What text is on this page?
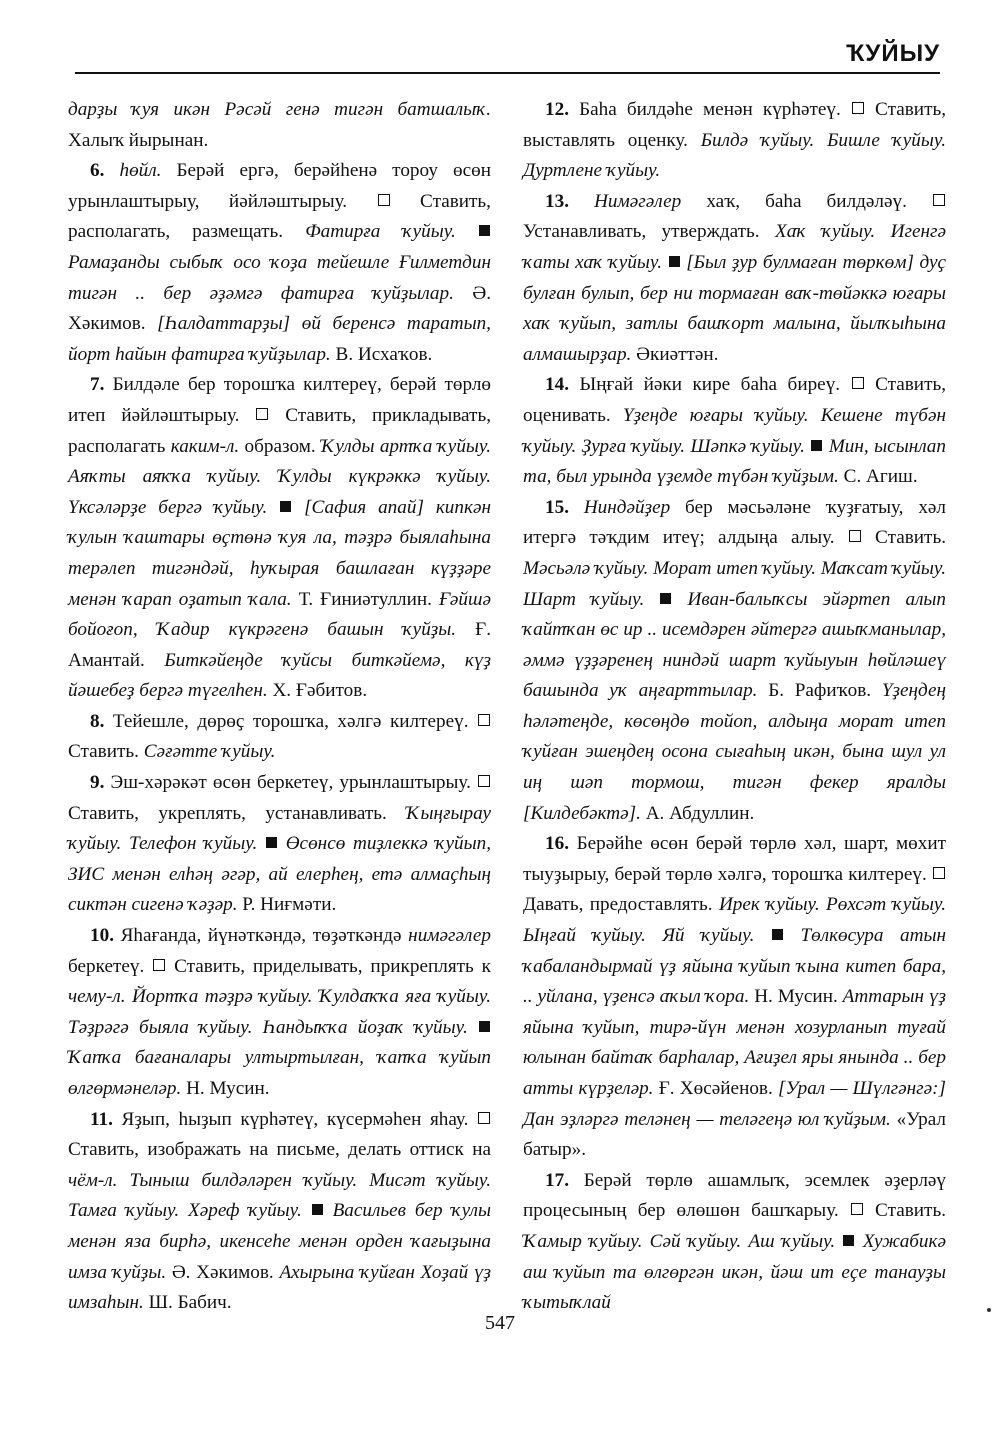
ҠУЙЫУ

дарҙы ҡуя икән Рәсәй генә тигән батшалыҡ. Халыҡ йырынан.

6. һөйл. Берәй ергә, берәйһенә тороу өсөн урынлаштырыу, йәйләштырыу.  Ставить, располагать, размещать. Фатирға ҡуйыу.  Рамаҙанды сыбыҡ осо ҡоҙа тейешле Ғилметдин тигән .. бер әҙәмгә фатирға ҡуйҙылар. Ә. Хәкимов. [Һалдаттарҙы] өй беренсә таратып, йорт һайын фатирға ҡуйҙылар. В. Исхаҡов.

7. Билдәле бер торошҡа килтереү, берәй төрлө итеп йәйләштырыу.  Ставить, прикладывать, располагать каким-л. образом. Ҡулды артҡа ҡуйыу. Аяҡты аяҡҡа ҡуйыу. Ҡулды күкрәккә ҡуйыу. Үксәләрҙе бергә ҡуйыу. [Сафия апай] кипкән ҡулын ҡаштары өҫтөнә ҡуя ла, тәҙрә быялаһына терәлеп тигәндәй, һуҡырая башлаған күҙҙәре менән ҡарап оҙатып ҡала. Т. Ғиниәтуллин. Ғәйшә бойоғоп, Ҡадир күкрәгенә башын ҡуйҙы. Ғ. Амантай. Биткәйеңде ҡуйсы биткәйемә, күҙ йәшебеҙ бергә түгелһен. Х. Ғәбитов.

8. Тейешле, дөрөҫ торошҡа, хәлгә килтереү.  Ставить. Сәғәтте ҡуйыу.

9. Эш-хәрәкәт өсөн беркетеү, урынлаштырыу.  Ставить, укреплять, устанавливать. Ҡыңғырау ҡуйыу. Телефон ҡуйыу. Өсөнсө тиҙлеккә ҡуйып, ЗИС менән елһәң әгәр, ай елерһең, етә алмаҫһың сиктән сигенә ҡәҙәр. Р. Ниғмәти.

10. Яһағанда, йүнәткәндә, төҙәткәндә нимәгәлер беркетеү.  Ставить, приделывать, прикреплять к чему-л. Йортҡа тәҙрә ҡуйыу. Ҡулдаҡҡа яға ҡуйыу. Тәҙрәгә быяла ҡуйыу. Һандыҡҡа йоҙаҡ ҡуйыу.  Ҡапҡа бағаналары ултыртылған, ҡапҡа ҡуйып өлгөрмәнеләр. Н. Мусин.

11. Яҙып, һыҙып күрһәтеү, күсермәһен яһау.  Ставить, изображать на письме, делать оттиск на чём-л. Тыныш билдәләрен ҡуйыу. Мисәт ҡуйыу. Тамға ҡуйыу. Хәреф ҡуйыу. Васильев бер ҡулы менән яза бирһә, икенсеһе менән орден ҡағыҙына имза ҡуйҙы. Ә. Хәкимов. Ахырына ҡуйған Хоҙай үҙ имзаһын. Ш. Бабич.

12. Баһа билдәһе менән күрһәтеү.  Ставить, выставлять оценку. Билдә ҡуйыу. Бишле ҡуйыу. Дуртлене ҡуйыу.

13. Нимәгәлер хаҡ, баһа билдәләү.  Устанавливать, утверждать. Хаҡ ҡуйыу. Игенгә ҡаты хаҡ ҡуйыу. [Был ҙур булмаған төркөм] дуҫ булған булып, бер ни тормаған ваҡ-төйәккә юғары хаҡ ҡуйып, затлы башҡорт малына, йылҡыһына алмашырҙар. Әкиәттән.

14. Ыңғай йәки кире баһа биреү.  Ставить, оценивать. Үҙеңде юғары ҡуйыу. Кешене түбән ҡуйыу. Ҙурға ҡуйыу. Шәпкә ҡуйыу. Мин, ысынлап та, был урында үҙемде түбән ҡуйҙым. С. Агиш.

15. Ниндәйҙер бер мәсьәләне ҡуҙғатыу, хәл итергә тәҡдим итеү; алдыңа алыу.  Ставить. Мәсьәлә ҡуйыу. Морат итеп ҡуйыу. Маҡсат ҡуйыу. Шарт ҡуйыу. Иван-балыҡсы эйәртеп алып ҡайтҡан өс ир .. исемдәрен әйтергә ашыҡманылар, әммә үҙҙәренең ниндәй шарт ҡуйыуын һөйләшеү башында уҡ аңғарттылар. Б. Рафиҡов. Үҙеңдең һәләтеңде, көсөңдө тойоп, алдыңа морат итеп ҡуйған эшеңдең осона сығаһың икән, бына шул ул иң шәп тормош, тигән фекер яралды [Килдебәктә]. А. Абдуллин.

16. Берәйһе өсөн берәй төрлө хәл, шарт, мөхит тыуҙырыу, берәй төрлө хәлгә, торошҡа килтереү.  Давать, предоставлять. Ирек ҡуйыу. Рөхсәт ҡуйыу. Ыңғай ҡуйыу. Яй ҡуйыу. Төлкөсура атын ҡабаландырмай үҙ яйына ҡуйып ҡына китеп бара, .. уйлана, үҙенсә аҡыл ҡора. Н. Мусин. Аттарын үҙ яйына ҡуйып, тирә-йүн менән хозурланып туғай юлынан байтаҡ барһалар, Ағиҙел яры янында .. бер атты күрҙеләр. Ғ. Хөсәйенов. [Урал — Шүлгәнгә:] Дан эҙләргә теләнең — теләгеңә юл ҡуйҙым. «Урал батыр».

17. Берәй төрлө ашамлыҡ, эсемлек әҙерләү процесының бер өлөшөн башҡарыу.  Ставить. Ҡамыр ҡуйыу. Сәй ҡуйыу. Аш ҡуйыу. Хужабикә аш ҡуйып та өлгөргән икән, йәш ит еҫе танауҙы ҡытыҡлай

547
